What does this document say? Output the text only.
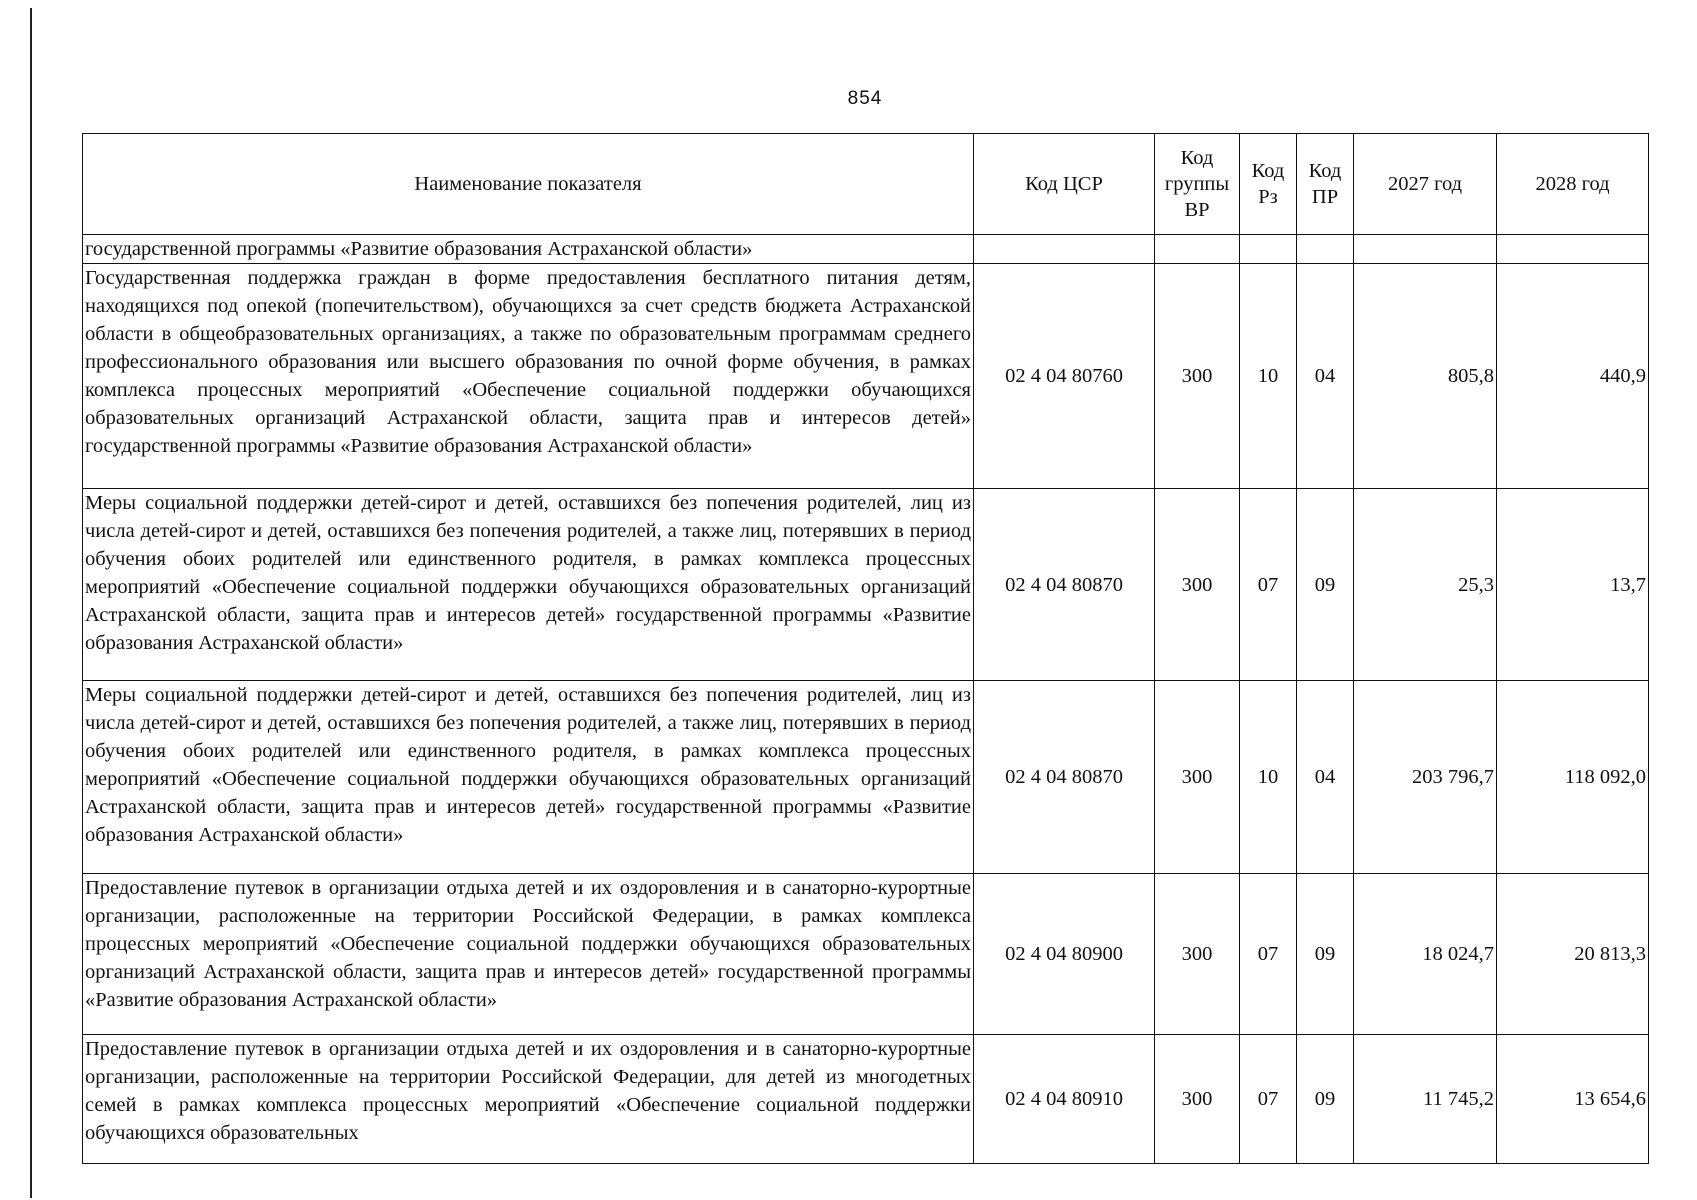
854
Наименование показателя	Код ЦСР	Код группы ВР	Код Рз	Код ПР	2027 год	2028 год
государственной программы «Развитие образования Астраханской области»						
Государственная поддержка граждан в форме предоставления бесплатного питания детям, находящихся под опекой (попечительством), обучающихся за счет средств бюджета Астраханской области в общеобразовательных организациях, а также по образовательным программам среднего профессионального образования или высшего образования по очной форме обучения, в рамках комплекса процессных мероприятий «Обеспечение социальной поддержки обучающихся образовательных организаций Астраханской области, защита прав и интересов детей» государственной программы «Развитие образования Астраханской области»	02 4 04 80760	300	10	04	805,8	440,9
Меры социальной поддержки детей-сирот и детей, оставшихся без попечения родителей, лиц из числа детей-сирот и детей, оставшихся без попечения родителей, а также лиц, потерявших в период обучения обоих родителей или единственного родителя, в рамках комплекса процессных мероприятий «Обеспечение социальной поддержки обучающихся образовательных организаций Астраханской области, защита прав и интересов детей» государственной программы «Развитие образования Астраханской области»	02 4 04 80870	300	07	09	25,3	13,7
Меры социальной поддержки детей-сирот и детей, оставшихся без попечения родителей, лиц из числа детей-сирот и детей, оставшихся без попечения родителей, а также лиц, потерявших в период обучения обоих родителей или единственного родителя, в рамках комплекса процессных мероприятий «Обеспечение социальной поддержки обучающихся образовательных организаций Астраханской области, защита прав и интересов детей» государственной программы «Развитие образования Астраханской области»	02 4 04 80870	300	10	04	203 796,7	118 092,0
Предоставление путевок в организации отдыха детей и их оздоровления и в санаторно-курортные организации, расположенные на территории Российской Федерации, в рамках комплекса процессных мероприятий «Обеспечение социальной поддержки обучающихся образовательных организаций Астраханской области, защита прав и интересов детей» государственной программы «Развитие образования Астраханской области»	02 4 04 80900	300	07	09	18 024,7	20 813,3
Предоставление путевок в организации отдыха детей и их оздоровления и в санаторно-курортные организации, расположенные на территории Российской Федерации, для детей из многодетных семей в рамках комплекса процессных мероприятий «Обеспечение социальной поддержки обучающихся образовательных	02 4 04 80910	300	07	09	11 745,2	13 654,6
